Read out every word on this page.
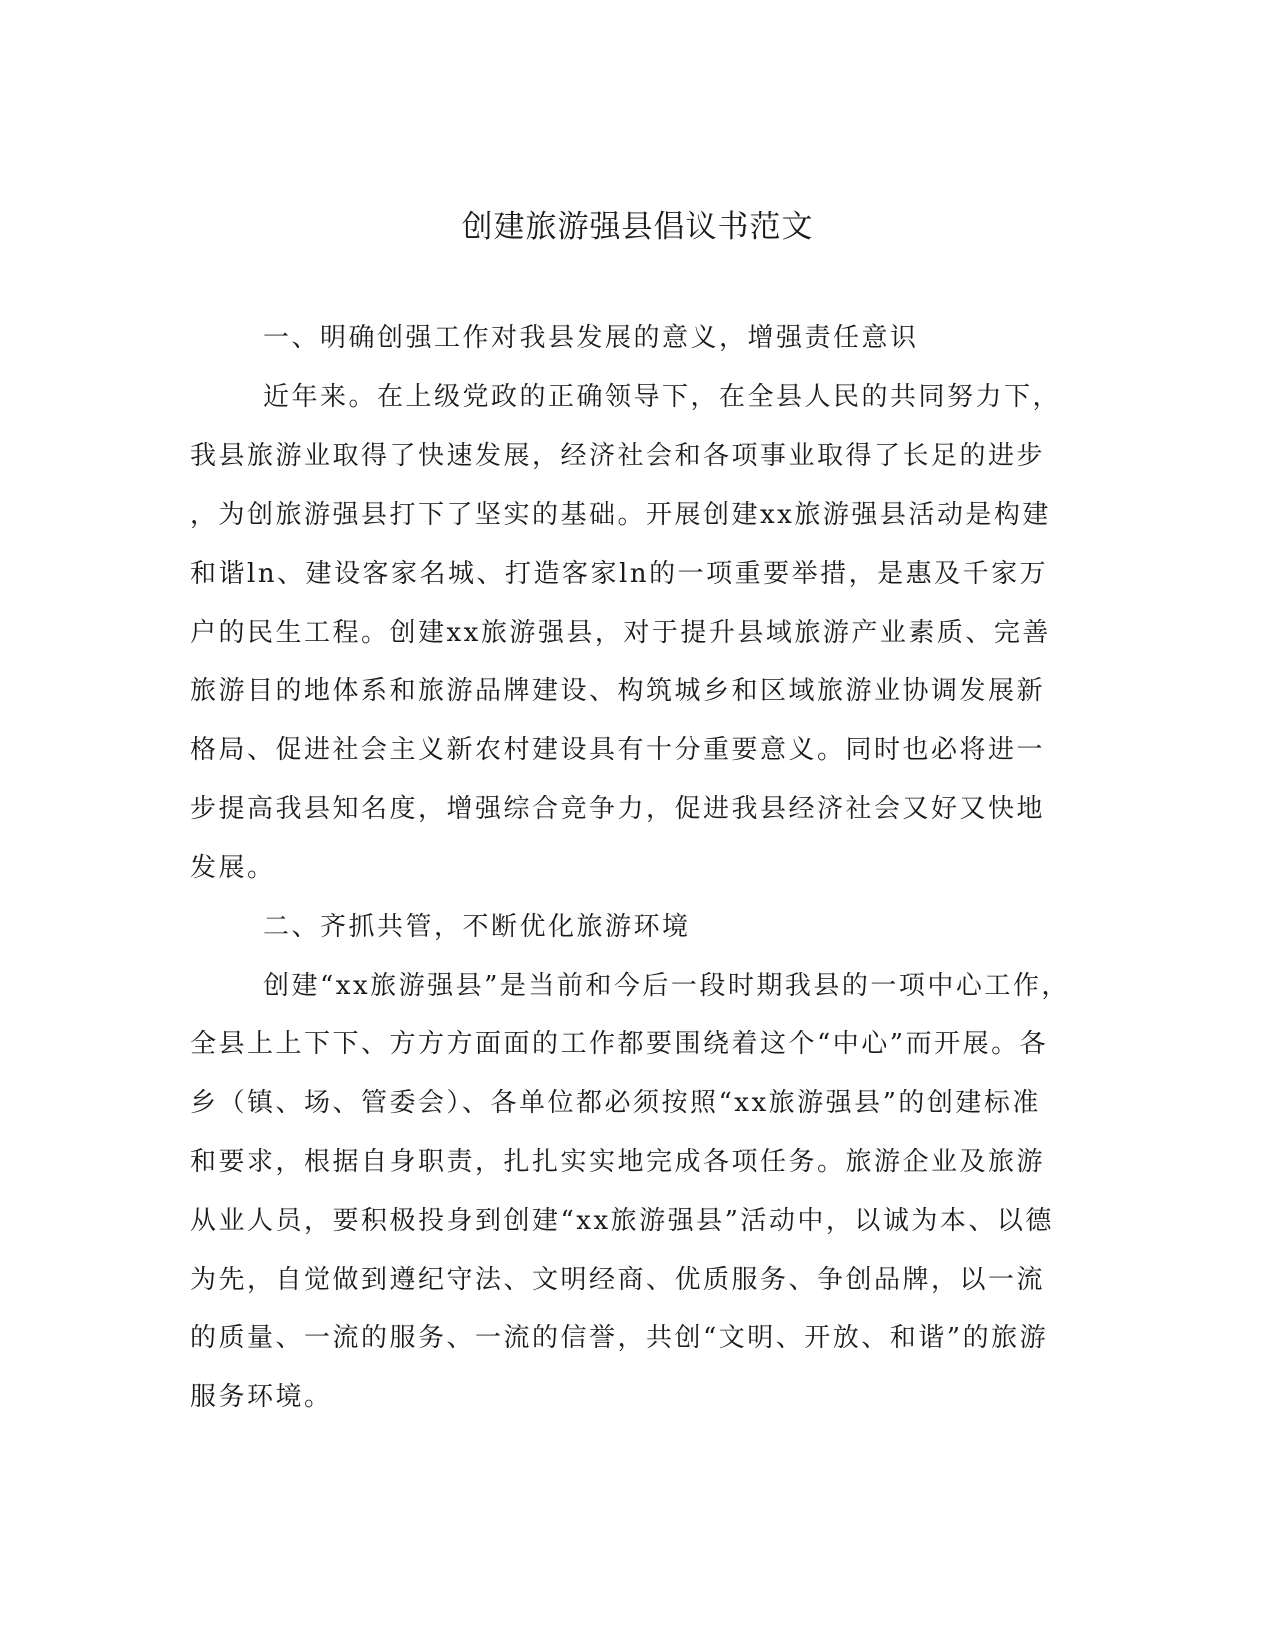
创建旅游强县倡议书范文
一、明确创强工作对我县发展的意义，增强责任意识
近年来。在上级党政的正确领导下，在全县人民的共同努力下，
我县旅游业取得了快速发展，经济社会和各项事业取得了长足的进步
，为创旅游强县打下了坚实的基础。开展创建xx旅游强县活动是构建
和谐ln、建设客家名城、打造客家ln的一项重要举措，是惠及千家万
户的民生工程。创建xx旅游强县，对于提升县域旅游产业素质、完善
旅游目的地体系和旅游品牌建设、构筑城乡和区域旅游业协调发展新
格局、促进社会主义新农村建设具有十分重要意义。同时也必将进一
步提高我县知名度，增强综合竞争力，促进我县经济社会又好又快地
发展。
二、齐抓共管，不断优化旅游环境
创建“xx旅游强县”是当前和今后一段时期我县的一项中心工作，
全县上上下下、方方方面面的工作都要围绕着这个“中心”而开展。各
乡（镇、场、管委会）、各单位都必须按照“xx旅游强县”的创建标准
和要求，根据自身职责，扎扎实实地完成各项任务。旅游企业及旅游
从业人员，要积极投身到创建“xx旅游强县”活动中，以诚为本、以德
为先，自觉做到遵纪守法、文明经商、优质服务、争创品牌，以一流
的质量、一流的服务、一流的信誉，共创“文明、开放、和谐”的旅游
服务环境。
